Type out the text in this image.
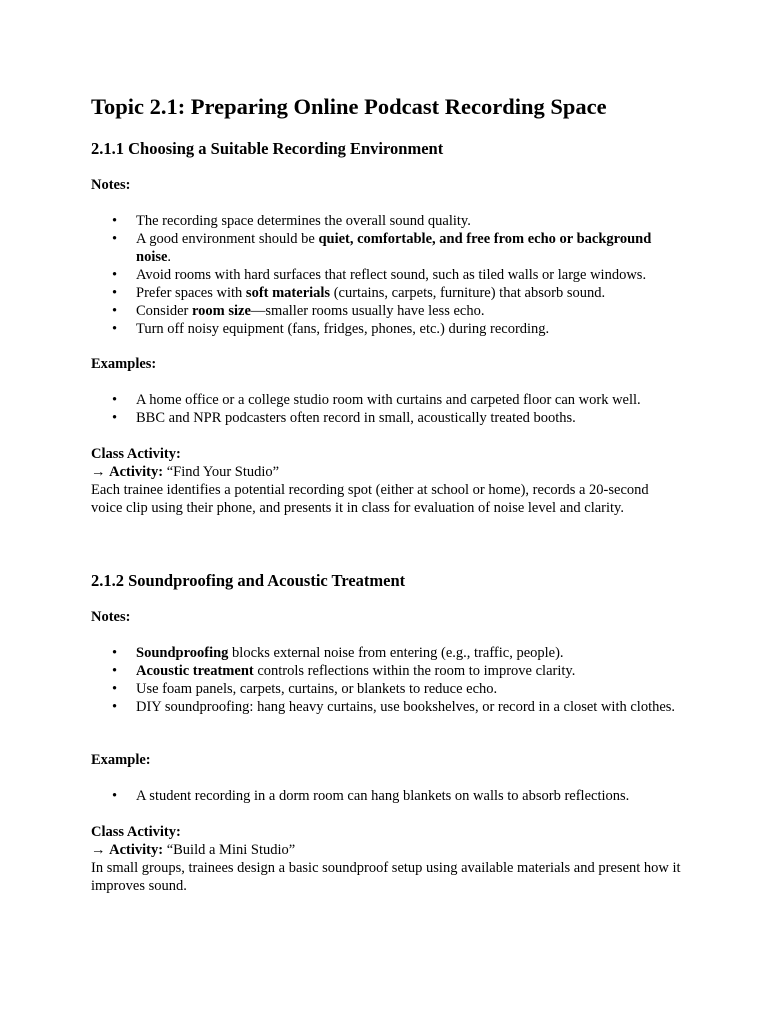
Topic 2.1: Preparing Online Podcast Recording Space
2.1.1 Choosing a Suitable Recording Environment

Notes:

• The recording space determines the overall sound quality.
• A good environment should be quiet, comfortable, and free from echo or background noise.
• Avoid rooms with hard surfaces that reflect sound, such as tiled walls or large windows.
• Prefer spaces with soft materials (curtains, carpets, furniture) that absorb sound.
• Consider room size—smaller rooms usually have less echo.
• Turn off noisy equipment (fans, fridges, phones, etc.) during recording.

Examples:

• A home office or a college studio room with curtains and carpeted floor can work well.
• BBC and NPR podcasters often record in small, acoustically treated booths.

Class Activity:

→ Activity: “Find Your Studio”

Each trainee identifies a potential recording spot (either at school or home), records a 20-second voice clip using their phone, and presents it in class for evaluation of noise level and clarity.

2.1.2 Soundproofing and Acoustic Treatment

Notes:

• Soundproofing blocks external noise from entering (e.g., traffic, people).
• Acoustic treatment controls reflections within the room to improve clarity.
• Use foam panels, carpets, curtains, or blankets to reduce echo.
• DIY soundproofing: hang heavy curtains, use bookshelves, or record in a closet with clothes.

Example:

• A student recording in a dorm room can hang blankets on walls to absorb reflections.

Class Activity:

→ Activity: “Build a Mini Studio”

In small groups, trainees design a basic soundproof setup using available materials and present how it improves sound.
